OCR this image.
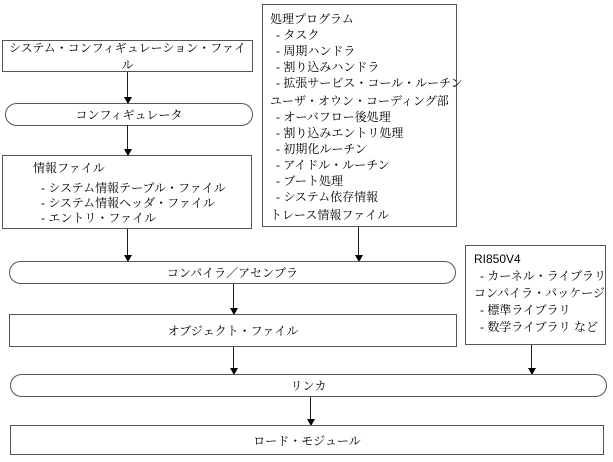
システム・コンフィギュレーション・ファイル
コンフィギュレータ
情報ファイル
- システム情報テーブル・ファイル
- システム情報ヘッダ・ファイル
- エントリ・ファイル
処理プログラム
- タスク
- 周期ハンドラ
- 割り込みハンドラ
- 拡張サービス・コール・ルーチン
ユーザ・オウン・コーディング部
- オーバフロー後処理
- 割り込みエントリ処理
- 初期化ルーチン
- アイドル・ルーチン
- ブート処理
- システム依存情報
トレース情報ファイル
コンパイラ／アセンブラ
RI850V4
- カーネル・ライブラリ
コンパイラ・パッケージ
- 標準ライブラリ
- 数学ライブラリ など
オブジェクト・ファイル
リンカ
ロード・モジュール
